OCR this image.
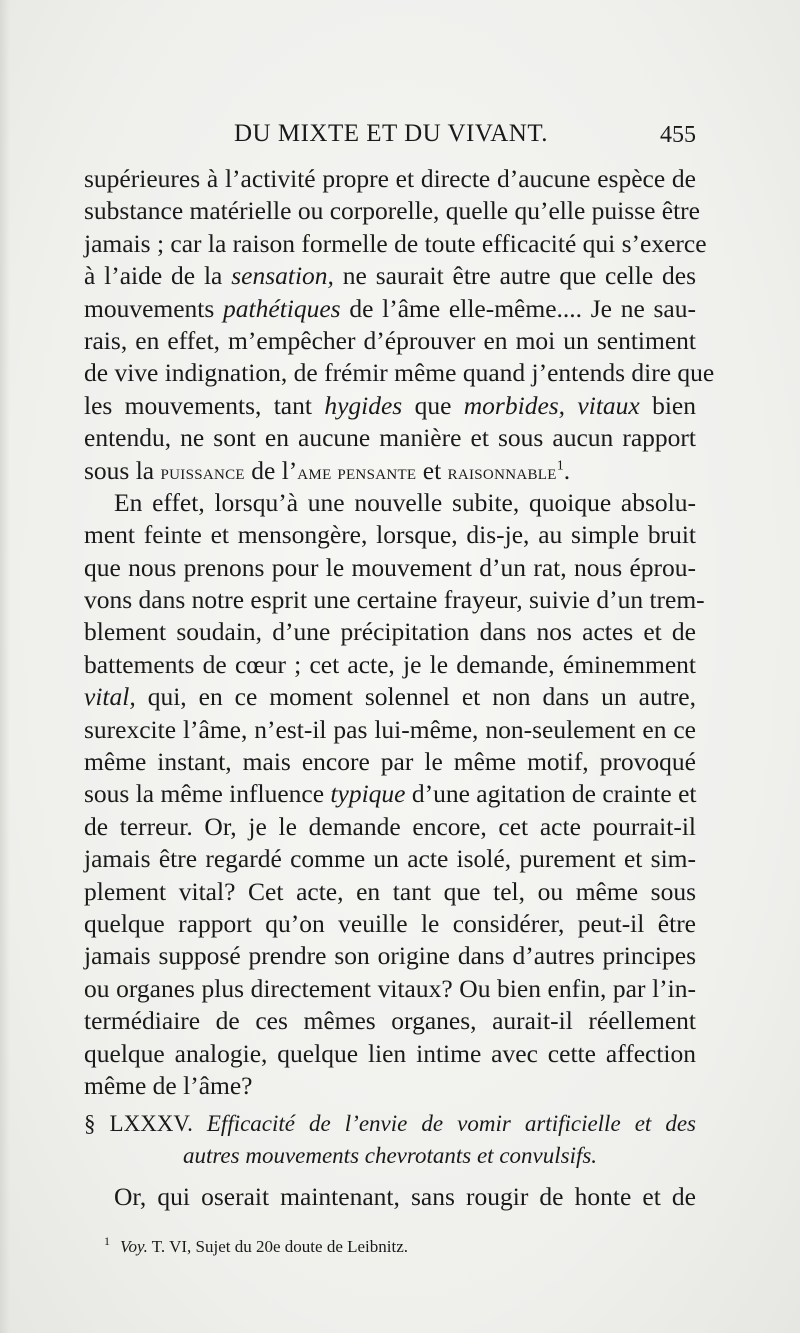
DU MIXTE ET DU VIVANT.	455
supérieures à l’activité propre et directe d’aucune espèce de
substance matérielle ou corporelle, quelle qu’elle puisse être
jamais ; car la raison formelle de toute efficacité qui s’exerce
à l’aide de la sensation, ne saurait être autre que celle des
mouvements pathétiques de l’âme elle-même.... Je ne sau-
rais, en effet, m’empêcher d’éprouver en moi un sentiment
de vive indignation, de frémir même quand j’entends dire que
les mouvements, tant hygides que morbides, vitaux bien
entendu, ne sont en aucune manière et sous aucun rapport
sous la puissance de l’ame pensante et raisonnable$^1$.
En effet, lorsqu’à une nouvelle subite, quoique absolu-
ment feinte et mensongère, lorsque, dis-je, au simple bruit
que nous prenons pour le mouvement d’un rat, nous éprou-
vons dans notre esprit une certaine frayeur, suivie d’un trem-
blement soudain, d’une précipitation dans nos actes et de
battements de cœur ; cet acte, je le demande, éminemment
vital, qui, en ce moment solennel et non dans un autre,
surexcite l’âme, n’est-il pas lui-même, non-seulement en ce
même instant, mais encore par le même motif, provoqué
sous la même influence typique d’une agitation de crainte et
de terreur. Or, je le demande encore, cet acte pourrait-il
jamais être regardé comme un acte isolé, purement et sim-
plement vital? Cet acte, en tant que tel, ou même sous
quelque rapport qu’on veuille le considérer, peut-il être
jamais supposé prendre son origine dans d’autres principes
ou organes plus directement vitaux? Ou bien enfin, par l’in-
termédiaire de ces mêmes organes, aurait-il réellement
quelque analogie, quelque lien intime avec cette affection
même de l’âme?
§ LXXXV. Efficacité de l’envie de vomir artificielle et des
autres mouvements chevrotants et convulsifs.
Or, qui oserait maintenant, sans rougir de honte et de
$^1$ Voy. T. VI, Sujet du 20e doute de Leibnitz.
